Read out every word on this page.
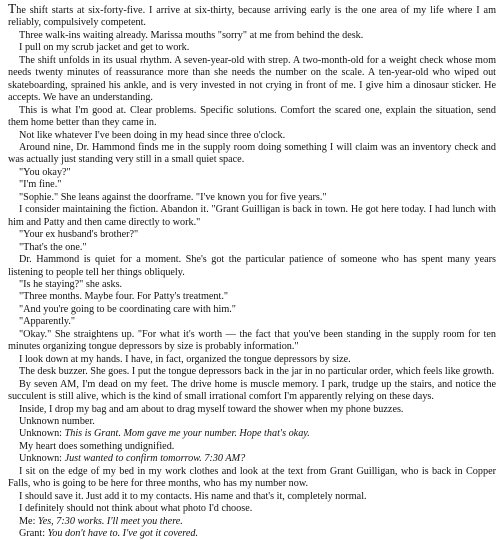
The shift starts at six-forty-five. I arrive at six-thirty, because arriving early is the one area of my life where I am reliably, compulsively competent.

Three walk-ins waiting already. Marissa mouths "sorry" at me from behind the desk.

I pull on my scrub jacket and get to work.

The shift unfolds in its usual rhythm. A seven-year-old with strep. A two-month-old for a weight check whose mom needs twenty minutes of reassurance more than she needs the number on the scale. A ten-year-old who wiped out skateboarding, sprained his ankle, and is very invested in not crying in front of me. I give him a dinosaur sticker. He accepts. We have an understanding.

This is what I'm good at. Clear problems. Specific solutions. Comfort the scared one, explain the situation, send them home better than they came in.

Not like whatever I've been doing in my head since three o'clock.

Around nine, Dr. Hammond finds me in the supply room doing something I will claim was an inventory check and was actually just standing very still in a small quiet space.

"You okay?"

"I'm fine."

"Sophie." She leans against the doorframe. "I've known you for five years."

I consider maintaining the fiction. Abandon it. "Grant Guilligan is back in town. He got here today. I had lunch with him and Patty and then came directly to work."

"Your ex husband's brother?"

"That's the one."

Dr. Hammond is quiet for a moment. She's got the particular patience of someone who has spent many years listening to people tell her things obliquely.

"Is he staying?" she asks.

"Three months. Maybe four. For Patty's treatment."

"And you're going to be coordinating care with him."

"Apparently."

"Okay." She straightens up. "For what it's worth — the fact that you've been standing in the supply room for ten minutes organizing tongue depressors by size is probably information."

I look down at my hands. I have, in fact, organized the tongue depressors by size.

The desk buzzer. She goes. I put the tongue depressors back in the jar in no particular order, which feels like growth.

By seven AM, I'm dead on my feet. The drive home is muscle memory. I park, trudge up the stairs, and notice the succulent is still alive, which is the kind of small irrational comfort I'm apparently relying on these days.

Inside, I drop my bag and am about to drag myself toward the shower when my phone buzzes.

Unknown number.

Unknown: This is Grant. Mom gave me your number. Hope that's okay.

My heart does something undignified.

Unknown: Just wanted to confirm tomorrow. 7:30 AM?

I sit on the edge of my bed in my work clothes and look at the text from Grant Guilligan, who is back in Copper Falls, who is going to be here for three months, who has my number now.

I should save it. Just add it to my contacts. His name and that's it, completely normal.

I definitely should not think about what photo I'd choose.

Me: Yes, 7:30 works. I'll meet you there.

Grant: You don't have to. I've got it covered.
